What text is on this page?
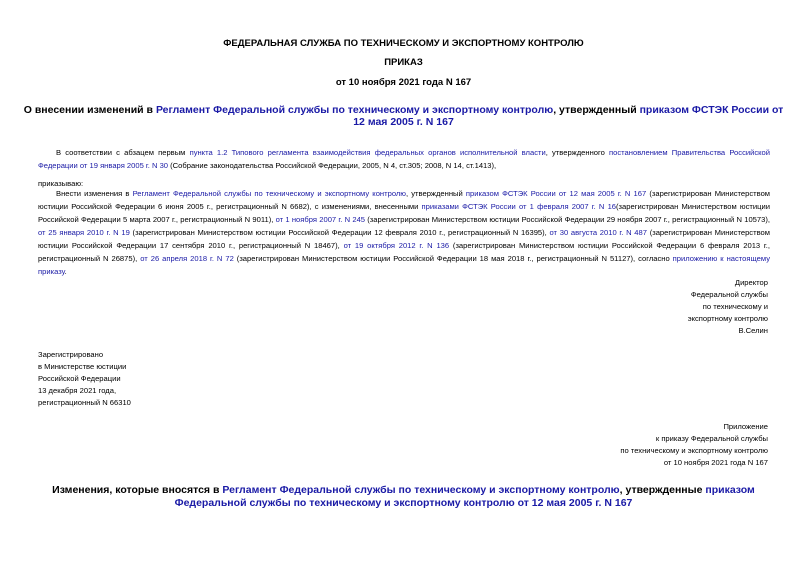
ФЕДЕРАЛЬНАЯ СЛУЖБА ПО ТЕХНИЧЕСКОМУ И ЭКСПОРТНОМУ КОНТРОЛЮ
ПРИКАЗ
от 10 ноября 2021 года N 167
О внесении изменений в Регламент Федеральной службы по техническому и экспортному контролю, утвержденный приказом ФСТЭК России от 12 мая 2005 г. N 167
В соответствии с абзацем первым пункта 1.2 Типового регламента взаимодействия федеральных органов исполнительной власти, утвержденного постановлением Правительства Российской Федерации от 19 января 2005 г. N 30 (Собрание законодательства Российской Федерации, 2005, N 4, ст.305; 2008, N 14, ст.1413),
приказываю:
Внести изменения в Регламент Федеральной службы по техническому и экспортному контролю, утвержденный приказом ФСТЭК России от 12 мая 2005 г. N 167 (зарегистрирован Министерством юстиции Российской Федерации 6 июня 2005 г., регистрационный N 6682), с изменениями, внесенными приказами ФСТЭК России от 1 февраля 2007 г. N 16(зарегистрирован Министерством юстиции Российской Федерации 5 марта 2007 г., регистрационный N 9011), от 1 ноября 2007 г. N 245 (зарегистрирован Министерством юстиции Российской Федерации 29 ноября 2007 г., регистрационный N 10573), от 25 января 2010 г. N 19 (зарегистрирован Министерством юстиции Российской Федерации 12 февраля 2010 г., регистрационный N 16395), от 30 августа 2010 г. N 487 (зарегистрирован Министерством юстиции Российской Федерации 17 сентября 2010 г., регистрационный N 18467), от 19 октября 2012 г. N 136 (зарегистрирован Министерством юстиции Российской Федерации 6 февраля 2013 г., регистрационный N 26875), от 26 апреля 2018 г. N 72 (зарегистрирован Министерством юстиции Российской Федерации 18 мая 2018 г., регистрационный N 51127), согласно приложению к настоящему приказу.
Директор
Федеральной службы
по техническому и
экспортному контролю
В.Селин
Зарегистрировано
в Министерстве юстиции
Российской Федерации
13 декабря 2021 года,
регистрационный N 66310
Приложение
к приказу Федеральной службы
по техническому и экспортному контролю
от 10 ноября 2021 года N 167
Изменения, которые вносятся в Регламент Федеральной службы по техническому и экспортному контролю, утвержденные приказом Федеральной службы по техническому и экспортному контролю от 12 мая 2005 г. N 167
